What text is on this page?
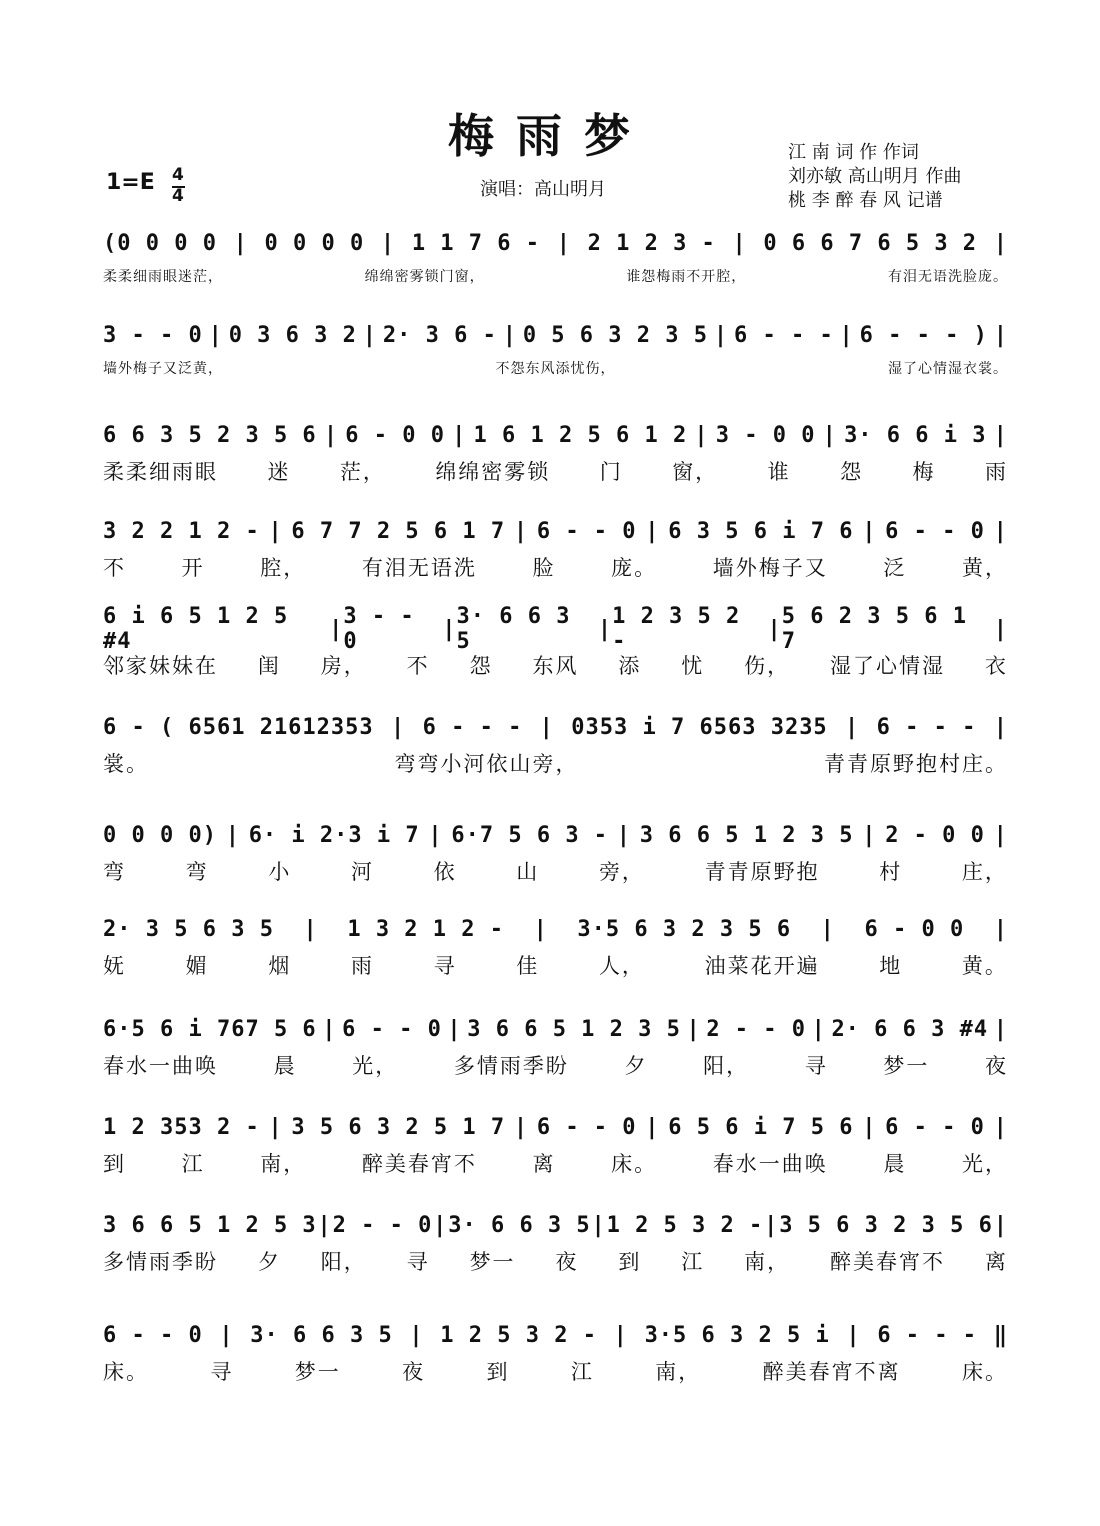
梅雨梦
1=E 4
4	演唱：高山明月
江 南 词 作 作词
刘亦敏 高山明月 作曲
桃 李 醉 春 风 记谱
(0 0 0 0 | 0 0 0 0 | 1 1 7 6 - | 2 1 2 3 - | 0 6 6 7 6 5 3 2 |
柔柔细雨眼迷茫，	绵绵密雾锁门窗，	谁怨梅雨不开腔，	有泪无语洗脸庞。
3 - - 0 | 0 3 6 3 2 | 2· 3 6 - | 0 5 6 3 2 3 5 | 6 - - - | 6 - - - ) |
墙外梅子又泛黄，	不怨东风添忧伤，	湿了心情湿衣裳。
6 6 3 5 2 3 5 6 | 6 - 0 0 | 1 6 1 2 5 6 1 2 | 3 - 0 0 | 3· 6 6 i 3 |
柔柔细雨眼 迷 茫， 绵绵密雾锁 门 窗， 谁 怨 梅 雨
3 2 2 1 2 - | 6 7 7 2 5 6 1 7 | 6 - - 0 | 6 3 5 6 i 7 6 | 6 - - 0 |
不	开	腔，	有泪无语洗	脸	庞。	墙外梅子又	泛	黄，
6 i 6 5 1 2 5 #4	| 3 - - 0	| 3· 6 6 3 5	| 1 2 3 5 2 -	| 5 6 2 3 5 6 1 7	|
邻家妹妹在 闺 房， 不 怨 东风 添 忧 伤， 湿了心情湿 衣
6 - ( 6561 21612353 | 6 - - - | 0353 i 7 6563 3235 | 6 - - - |
裳。	弯弯小河依山旁，	青青原野抱村庄。
0 0 0 0) | 6· i 2·3 i 7 | 6·7 5 6 3 - | 3 6 6 5 1 2 3 5 | 2 - 0 0 |
弯	弯	小	河	依	山	旁，	青青原野抱	村	庄，
2· 3 5 6 3 5 | 1 3 2 1 2 - | 3·5 6 3 2 3 5 6 | 6 - 0 0 |
妩	媚	烟	雨	寻	佳	人，	油菜花开遍	地	黄。
6·5 6 i 767 5 6 | 6 - - 0 | 3 6 6 5 1 2 3 5 | 2 - - 0 | 2· 6 6 3 #4 |
春水一曲唤	晨	光，	多情雨季盼	夕	阳，	寻	梦一	夜
1 2 353 2 - | 3 5 6 3 2 5 1 7 | 6 - - 0 | 6 5 6 i 7 5 6 | 6 - - 0 |
到	江	南，	醉美春宵不	离	床。	春水一曲唤	晨	光，
3 6 6 5 1 2 5 3 | 2 - - 0 | 3· 6 6 3 5 | 1 2 5 3 2 - | 3 5 6 3 2 3 5 6 |
多情雨季盼 夕 阳， 寻 梦一 夜 到 江 南， 醉美春宵不 离
6 - - 0 | 3· 6 6 3 5 | 1 2 5 3 2 - | 3·5 6 3 2 5 i | 6 - - - ‖
床。	寻	梦一	夜	到	江	南，	醉美春宵不离	床。
